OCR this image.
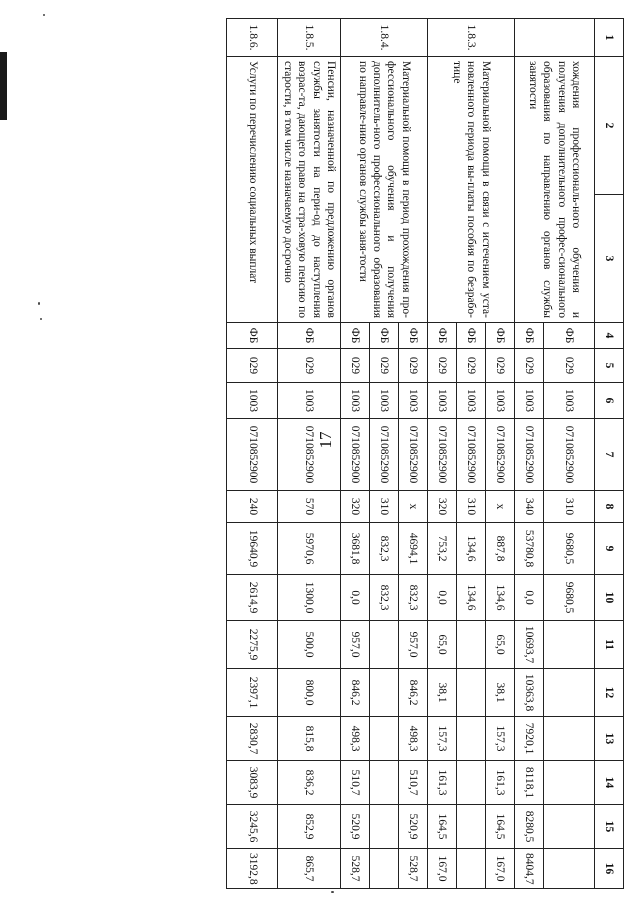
17
1	2	3	4	5	6	7	8	9	10	11	12	13	14	15	16
	хождения профессиональ-ного обучения и получения дополнительного профес-сионального образования по направлению органов службы занятости		ФБ	029	1003	0710852900	310	9680,5	9680,5						
			ФБ	029	1003	0710852900	340	53780,8	0,0	10693,7	10363,8	7920,1	8118,1	8280,5	8404,7
1.8.3.	Материальной помощи в связи с истечением уста-новленного периода вы-платы пособия по безрабо-тице		ФБ	029	1003	0710852900	х	887,8	134,6	65,0	38,1	157,3	161,3	164,5	167,0
			ФБ	029	1003	0710852900	310	134,6	134,6						
			ФБ	029	1003	0710852900	320	753,2	0,0	65,0	38,1	157,3	161,3	164,5	167,0
1.8.4.	Материальной помощи в период прохождения про-фессионального обучения и получения дополнитель-ного профессионального образования по направле-нию органов службы заня-тости		ФБ	029	1003	0710852900	х	4694,1	832,3	957,0	846,2	498,3	510,7	520,9	528,7
			ФБ	029	1003	0710852900	310	832,3	832,3						
			ФБ	029	1003	0710852900	320	3681,8	0,0	957,0	846,2	498,3	510,7	520,9	528,7
1.8.5.	Пенсии, назначенной по предложению органов службы занятости на пери-од до наступления возрас-та, дающего право на стра-ховую пенсию по старости, в том числе назначаемую досрочно		ФБ	029	1003	0710852900	570	5970,6	1300,0	500,0	800,0	815,8	836,2	852,9	865,7
1.8.6.	Услуги по перечислению социальных выплат		ФБ	029	1003	0710852900	240	19640,9	2614,9	2275,9	2397,1	2830,7	3083,9	3245,6	3192,8
